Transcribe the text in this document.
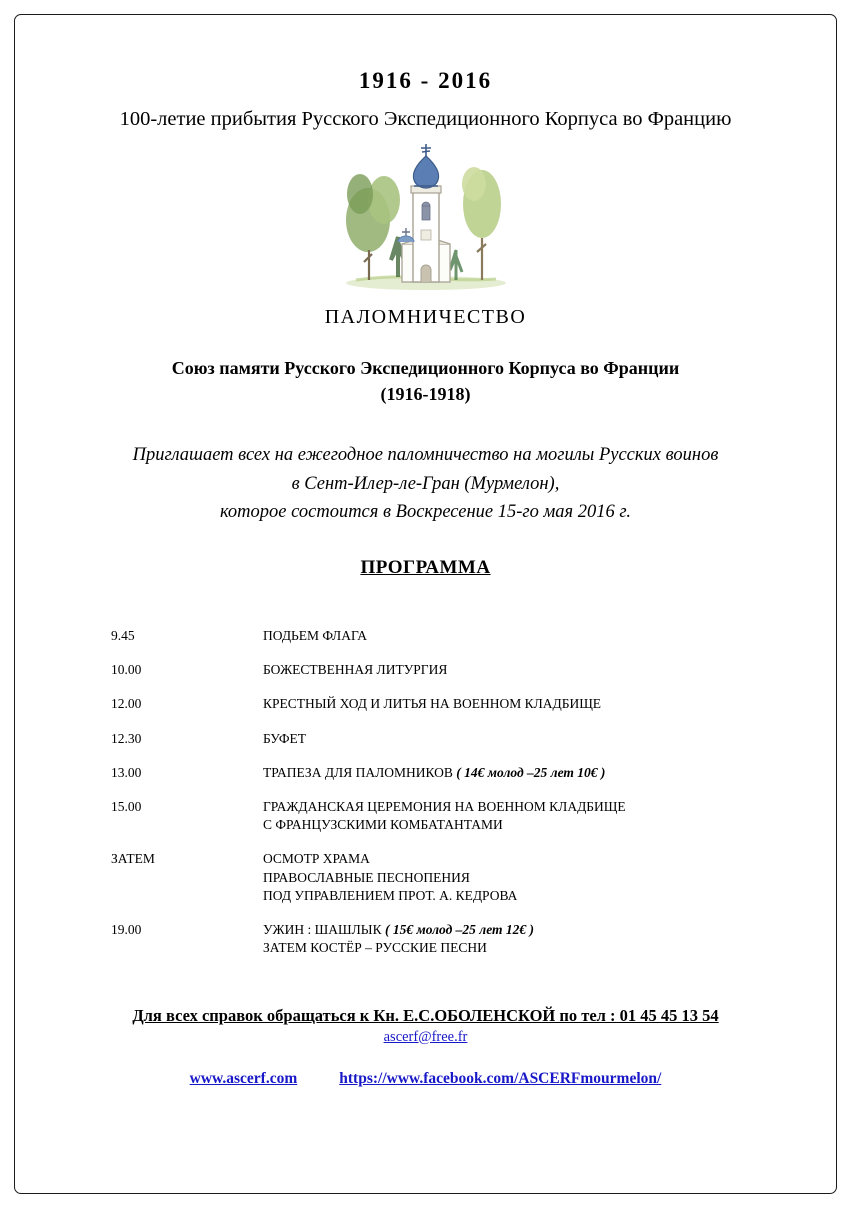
1916 - 2016
100-летие прибытия Русского Экспедиционного Корпуса во Францию
ПАЛОМНИЧЕСТВО
Союз памяти Русского Экспедиционного Корпуса во Франции
(1916-1918)
Приглашает всех на ежегодное паломничество на могилы Русских воинов
в Сент-Илер-ле-Гран (Мурмелон),
которое состоится в Воскресение 15-го мая 2016 г.
ПРОГРАММА
9.45	ПОДЬЕМ ФЛАГА
10.00	БОЖЕСТВЕННАЯ ЛИТУРГИЯ
12.00	КРЕСТНЫЙ ХОД И ЛИТЬЯ НА ВОЕННОМ КЛАДБИЩЕ
12.30	БУФЕТ
13.00	ТРАПЕЗА ДЛЯ ПАЛОМНИКОВ ( 14€ молод –25 лет 10€ )
15.00	ГРАЖДАНСКАЯ ЦЕРЕМОНИЯ НА ВОЕННОМ КЛАДБИЩЕ
С ФРАНЦУЗСКИМИ КОМБАТАНТАМИ
ЗАТЕМ	ОСМОТР ХРАМА
ПРАВОСЛАВНЫЕ ПЕСНОПЕНИЯ
ПОД УПРАВЛЕНИЕМ ПРОТ. А. КЕДРОВА
19.00	УЖИН : ШАШЛЫК ( 15€ молод –25 лет 12€ )
ЗАТЕМ КОСТЁР – РУССКИЕ ПЕСНИ
Для всех справок обращаться к Кн. Е.С.ОБОЛЕНСКОЙ по тел : 01 45 45 13 54
ascerf@free.fr
www.ascerf.com	https://www.facebook.com/ASCERFmourmelon/
